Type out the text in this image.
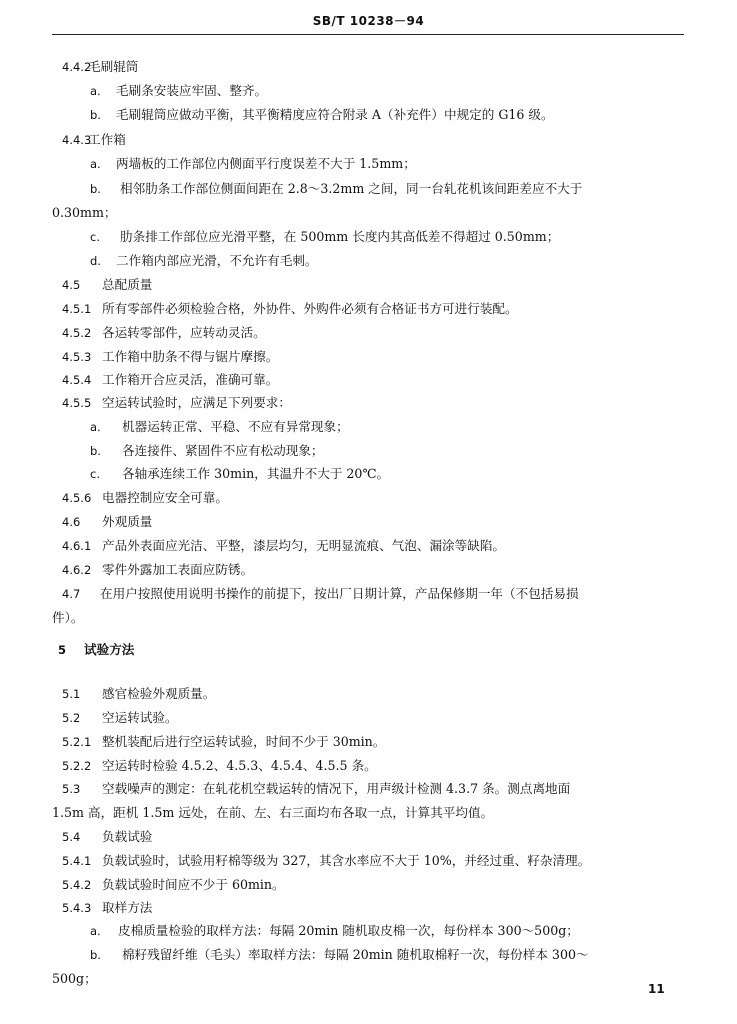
SB/T 10238－94
4.4.2毛刷辊筒
a. 毛刷条安装应牢固、整齐。
b. 毛刷辊筒应做动平衡，其平衡精度应符合附录 A（补充件）中规定的 G16 级。
4.4.3工作箱
a. 两墙板的工作部位内侧面平行度误差不大于 1.5mm；
b. 相邻肋条工作部位侧面间距在 2.8～3.2mm 之间，同一台轧花机该间距差应不大于
0.30mm；
c. 肋条排工作部位应光滑平整，在 500mm 长度内其高低差不得超过 0.50mm；
d. 二作箱内部应光滑，不允许有毛刺。
4.5 总配质量
4.5.1 所有零部件必须检验合格，外协件、外购件必须有合格证书方可进行装配。
4.5.2 各运转零部件，应转动灵活。
4.5.3 工作箱中肋条不得与锯片摩擦。
4.5.4 工作箱开合应灵活，准确可靠。
4.5.5 空运转试验时，应满足下列要求：
a. 机器运转正常、平稳、不应有异常现象；
b. 各连接件、紧固件不应有松动现象；
c. 各轴承连续工作 30min，其温升不大于 20℃。
4.5.6 电器控制应安全可靠。
4.6 外观质量
4.6.1 产品外表面应光洁、平整，漆层均匀，无明显流痕、气泡、漏涂等缺陷。
4.6.2 零件外露加工表面应防锈。
4.7 在用户按照使用说明书操作的前提下，按出厂日期计算，产品保修期一年（不包括易损
件）。
5 试验方法
5.1 感官检验外观质量。
5.2 空运转试验。
5.2.1 整机装配后进行空运转试验，时间不少于 30min。
5.2.2 空运转时检验 4.5.2、4.5.3、4.5.4、4.5.5 条。
5.3 空载噪声的测定：在轧花机空载运转的情况下，用声级计检测 4.3.7 条。测点离地面
1.5m 高，距机 1.5m 远处，在前、左、右三面均布各取一点，计算其平均值。
5.4 负载试验
5.4.1 负载试验时，试验用籽棉等级为 327，其含水率应不大于 10%，并经过重、籽杂清理。
5.4.2 负载试验时间应不少于 60min。
5.4.3 取样方法
a. 皮棉质量检验的取样方法：每隔 20min 随机取皮棉一次，每份样本 300～500g；
b. 棉籽残留纤维（毛头）率取样方法：每隔 20min 随机取棉籽一次，每份样本 300～
500g；
11
